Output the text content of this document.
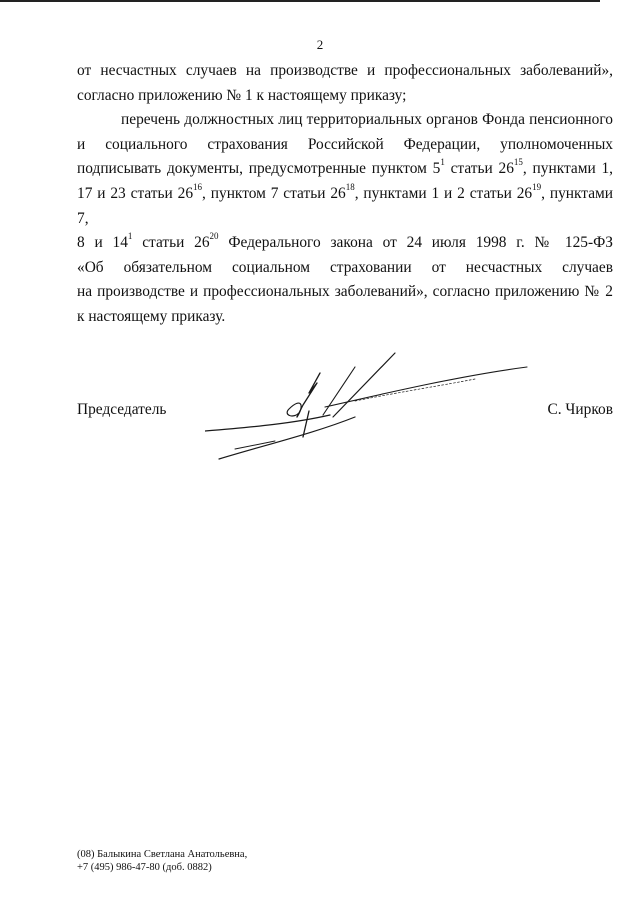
2

от несчастных случаев на производстве и профессиональных заболеваний»,
согласно приложению № 1 к настоящему приказу;

перечень должностных лиц территориальных органов Фонда пенсионного
и социального страхования Российской Федерации, уполномоченных
подписывать документы, предусмотренные пунктом $5^1$ статьи $26^{15}$, пунктами 1,
17 и 23 статьи $26^{16}$, пунктом 7 статьи $26^{18}$, пунктами 1 и 2 статьи $26^{19}$, пунктами 7,
8 и $14^1$ статьи $26^{20}$ Федерального закона от 24 июля 1998 г. № 125-ФЗ
«Об обязательном социальном страховании от несчастных случаев
на производстве и профессиональных заболеваний», согласно приложению № 2
к настоящему приказу.

Председатель	С. Чирков
(08) Балыкина Светлана Анатольевна,
+7 (495) 986-47-80 (доб. 0882)
